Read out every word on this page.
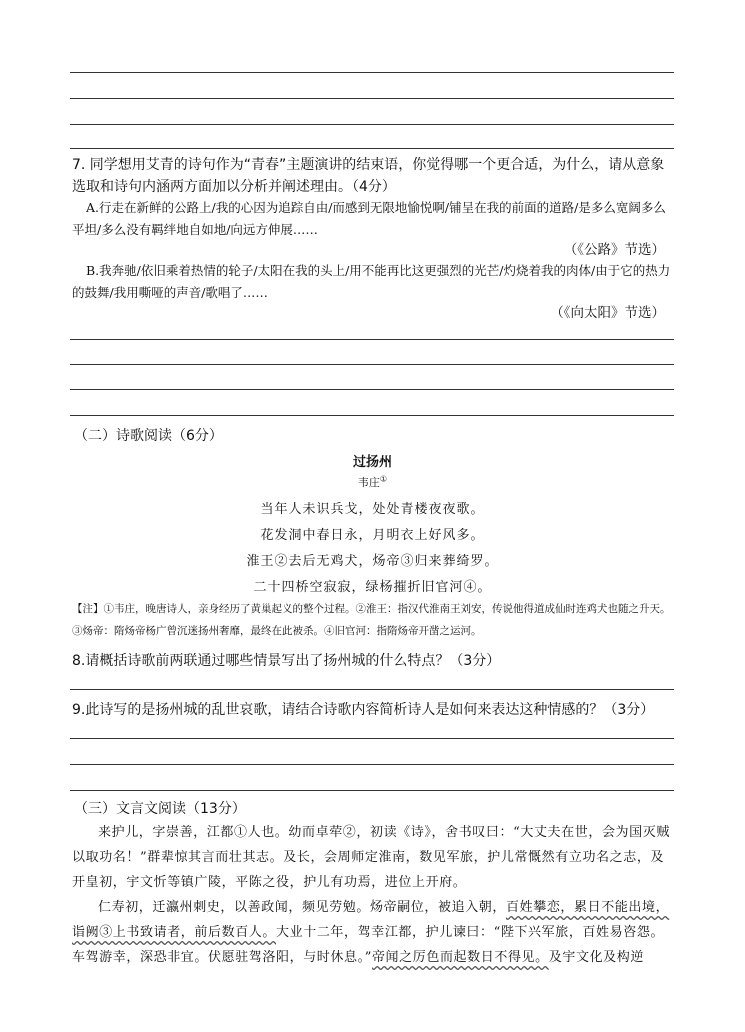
7. 同学想用艾青的诗句作为“青春”主题演讲的结束语，你觉得哪一个更合适，为什么，请从意象选取和诗句内涵两方面加以分析并阐述理由。（4分）
A.行走在新鲜的公路上/我的心因为追踪自由/而感到无限地愉悦啊/铺呈在我的前面的道路/是多么宽阔多么平坦/多么没有羁绊地自如地/向远方伸展……
（《公路》节选）
B.我奔驰/依旧乘着热情的轮子/太阳在我的头上/用不能再比这更强烈的光芒/灼烧着我的肉体/由于它的热力的鼓舞/我用嘶哑的声音/歌唱了……
（《向太阳》节选）
（二）诗歌阅读（6分）
过扬州
韦庄①
当年人未识兵戈，处处青楼夜夜歌。
花发洞中春日永，月明衣上好风多。
淮王②去后无鸡犬，炀帝③归来葬绮罗。
二十四桥空寂寂，绿杨摧折旧官河④。
【注】①韦庄，晚唐诗人，亲身经历了黄巢起义的整个过程。②淮王：指汉代淮南王刘安，传说他得道成仙时连鸡犬也随之升天。③炀帝：隋炀帝杨广曾沉迷扬州奢靡，最终在此被杀。④旧官河：指隋炀帝开凿之运河。
8.请概括诗歌前两联通过哪些情景写出了扬州城的什么特点？（3分）
9.此诗写的是扬州城的乱世哀歌，请结合诗歌内容简析诗人是如何来表达这种情感的？（3分）
（三）文言文阅读（13分）
来护儿，字崇善，江都①人也。幼而卓荦②，初读《诗》，舍书叹曰：“大丈夫在世，会为国灭贼以取功名！”群辈惊其言而壮其志。及长，会周师定淮南，数见军旅，护儿常慨然有立功名之志，及开皇初，宇文忻等镇广陵，平陈之役，护儿有功焉，进位上开府。
仁寿初，迁瀛州刺史，以善政闻，频见劳勉。炀帝嗣位，被追入朝，百姓攀恋，累日不能出境，诣阙③上书致请者，前后数百人。大业十二年，驾幸江都，护儿谏曰：“陛下兴军旅，百姓易咨怨。车驾游幸，深恐非宜。伏愿驻驾洛阳，与时休息。”帝闻之厉色而起数日不得见。及宇文化及构逆
